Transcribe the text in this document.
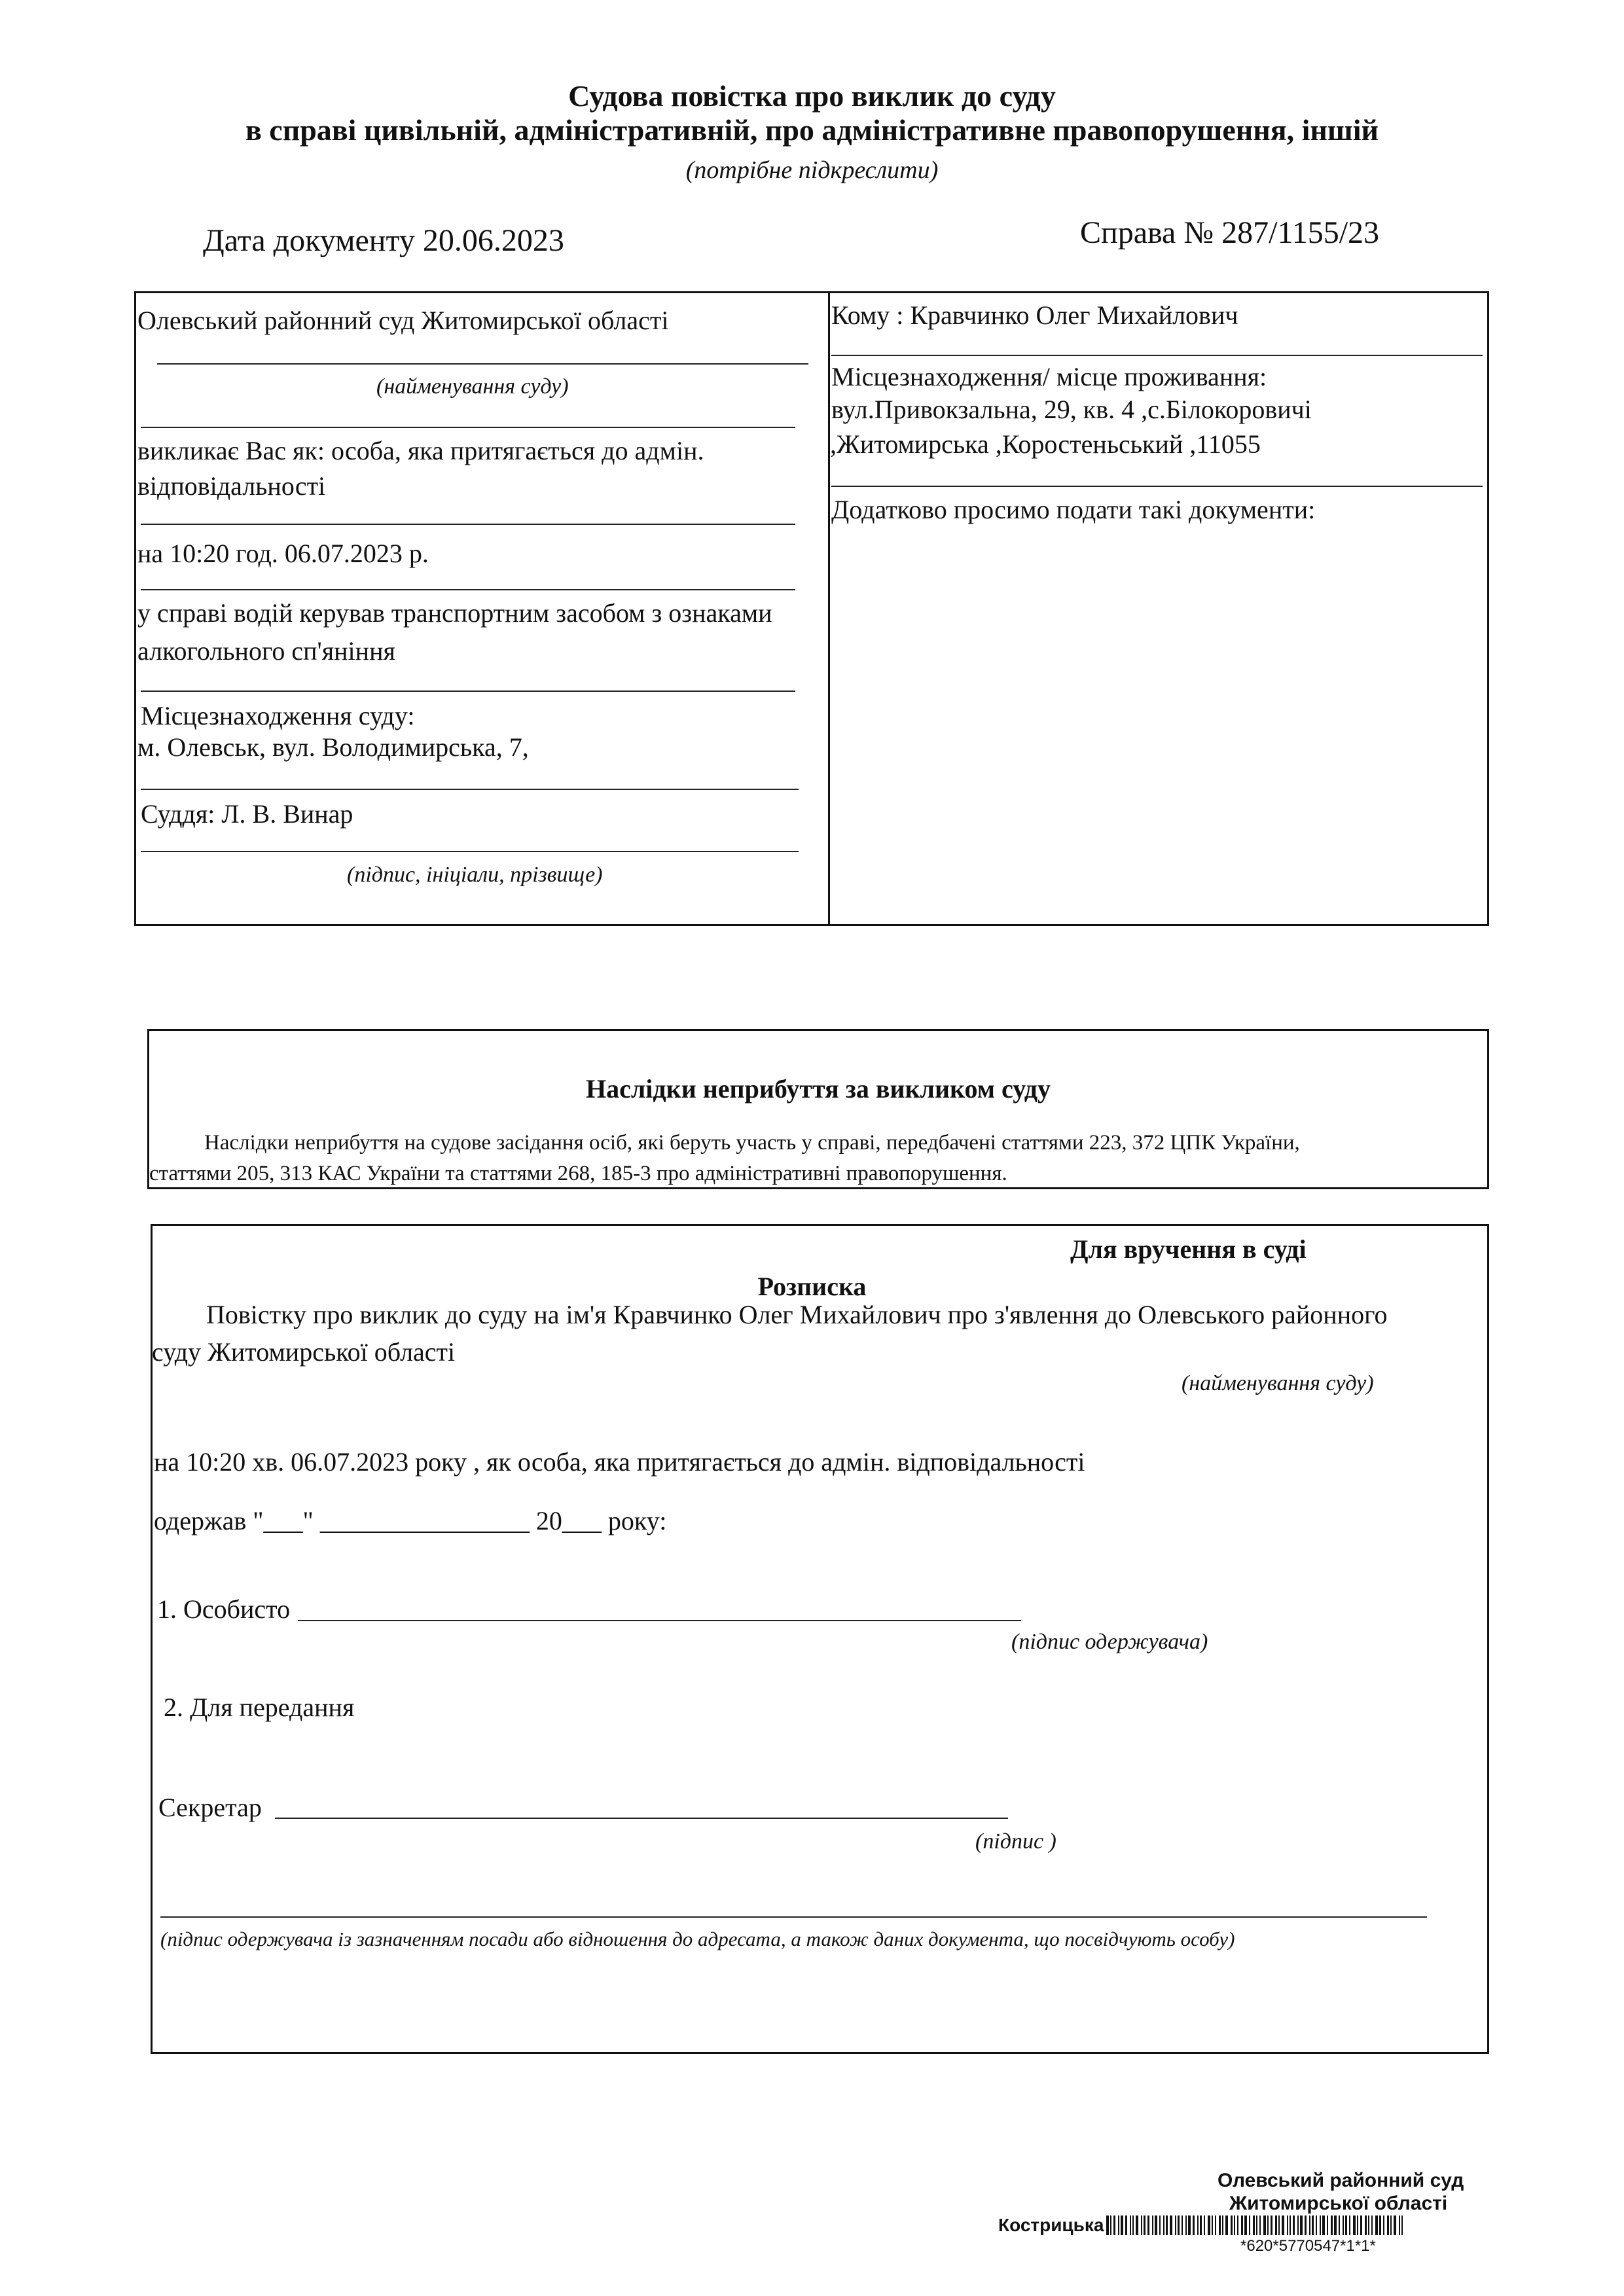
Судова повістка про виклик до суду
в справі цивільній, адміністративній, про адміністративне правопорушення, іншій
(потрібне підкреслити)
Дата документу 20.06.2023	Справа № 287/1155/23
Олевський районний суд Житомирської області
(найменування суду)
викликає Вас як: особа, яка притягається до адмін. відповідальності
на 10:20 год. 06.07.2023 р.
у справі водій керував транспортним засобом з ознаками алкогольного сп'яніння
Місцезнаходження суду:
м. Олевськ, вул. Володимирська, 7,
Суддя: Л. В. Винар
(підпис, ініціали, прізвище)
Кому : Кравчинко Олег Михайлович
Місцезнаходження/ місце проживання:
вул.Привокзальна, 29, кв. 4 ,с.Білокоровичі
,Житомирська ,Коростеньський ,11055
Додатково просимо подати такі документи:
Наслідки неприбуття за викликом суду
Наслідки неприбуття на судове засідання осіб, які беруть участь у справі, передбачені статтями 223, 372 ЦПК України,
статтями 205, 313 КАС України та статтями 268, 185-3 про адміністративні правопорушення.
Для вручення в суді
Розписка
Повістку про виклик до суду на ім'я Кравчинко Олег Михайлович про з'явлення до Олевського районного
суду Житомирської області
(найменування суду)
на 10:20 хв. 06.07.2023 року , як особа, яка притягається до адмін. відповідальності
одержав "___" ________________ 20___ року:
1. Особисто
(підпис одержувача)
2. Для передання
Секретар
(підпис )
(підпис одержувача із зазначенням посади або відношення до адресата, а також даних документа, що посвідчують особу)
Олевський районний суд
Житомирської області
Кострицька
*620*5770547*1*1*
